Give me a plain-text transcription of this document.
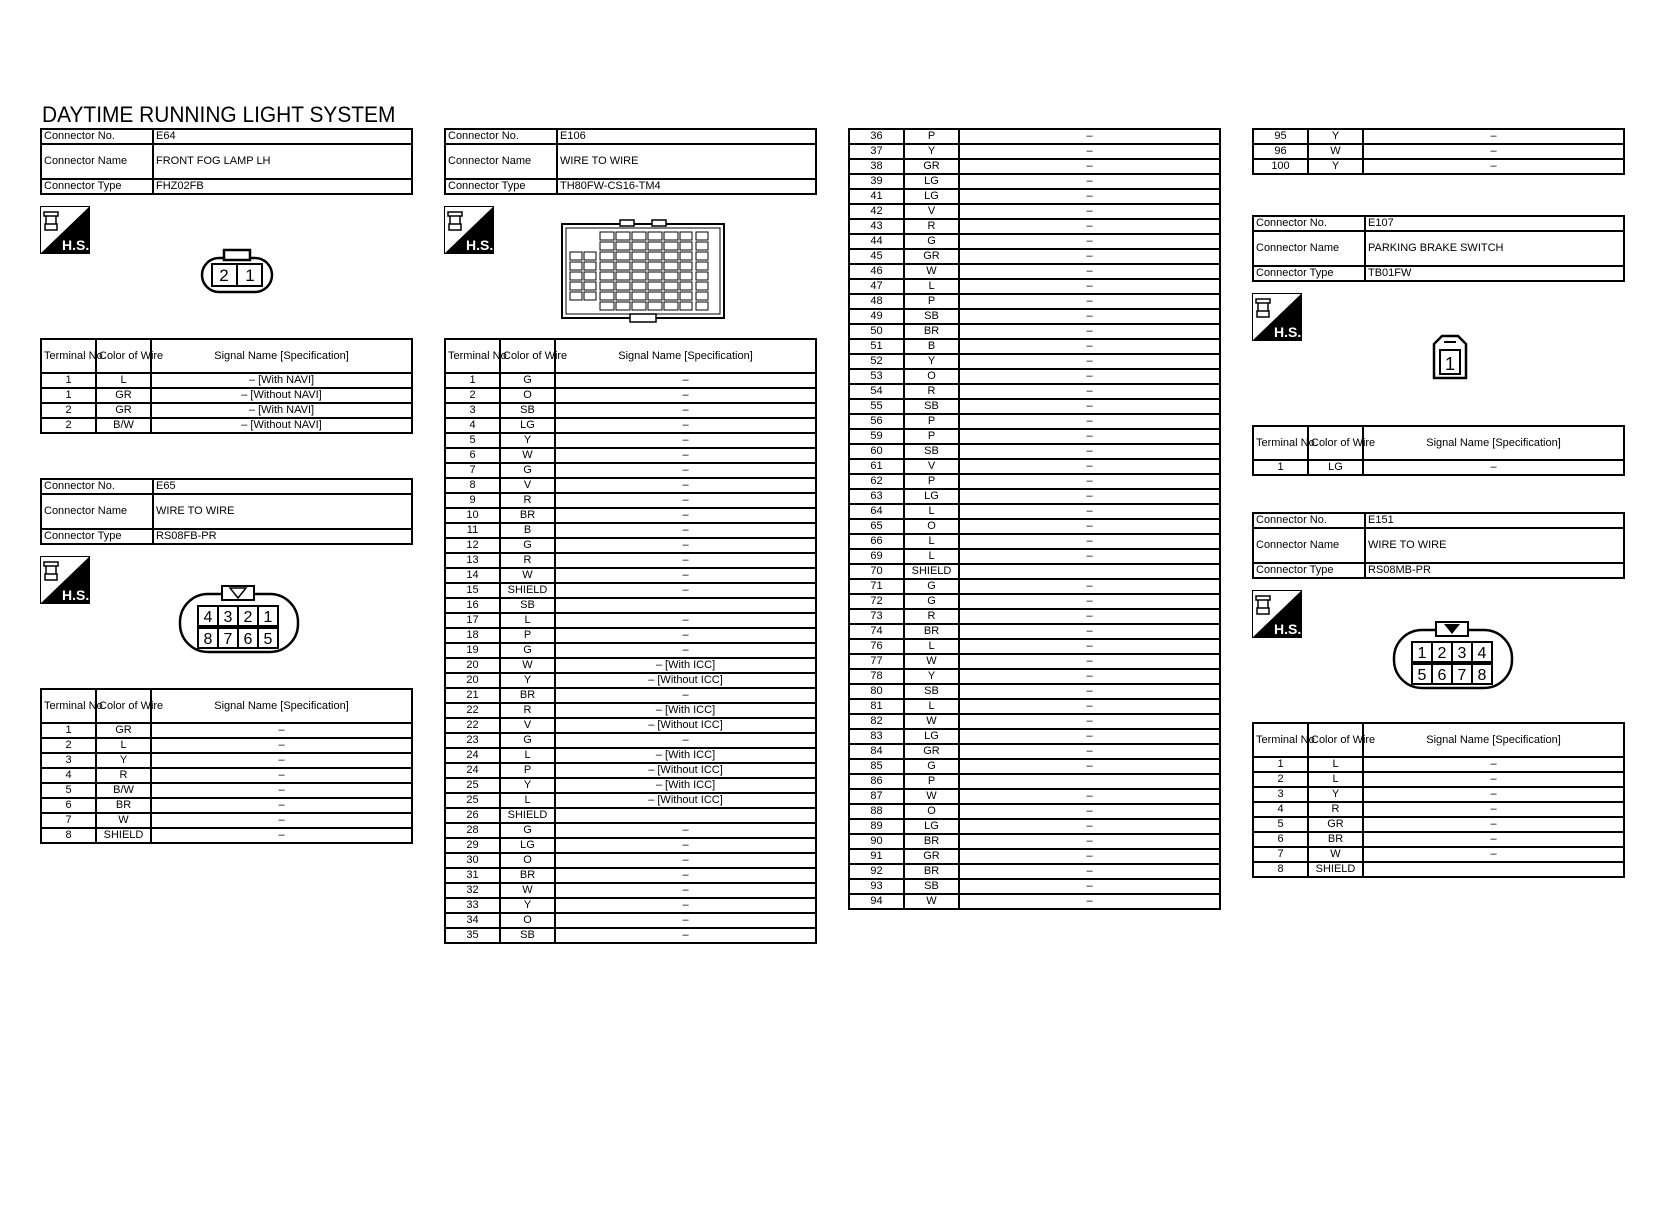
DAYTIME RUNNING LIGHT SYSTEM
Connector No.	E64
Connector Name	FRONT FOG LAMP LH
Connector Type	FHZ02FB
H.S.
2 1
Terminal No.	Color of Wire	Signal Name [Specification]
1	L	– [With NAVI]
1	GR	– [Without NAVI]
2	GR	– [With NAVI]
2	B/W	– [Without NAVI]
Connector No.	E65
Connector Name	WIRE TO WIRE
Connector Type	RS08FB-PR
H.S.
4 3 2 1
8 7 6 5
Terminal No.	Color of Wire	Signal Name [Specification]
1	GR	–
2	L	–
3	Y	–
4	R	–
5	B/W	–
6	BR	–
7	W	–
8	SHIELD	–
Connector No.	E106
Connector Name	WIRE TO WIRE
Connector Type	TH80FW-CS16-TM4
H.S.
Terminal No.	Color of Wire	Signal Name [Specification]
1	G	–
2	O	–
3	SB	–
4	LG	–
5	Y	–
6	W	–
7	G	–
8	V	–
9	R	–
10	BR	–
11	B	–
12	G	–
13	R	–
14	W	–
15	SHIELD	–
16	SB	
17	L	–
18	P	–
19	G	–
20	W	– [With ICC]
20	Y	– [Without ICC]
21	BR	–
22	R	– [With ICC]
22	V	– [Without ICC]
23	G	–
24	L	– [With ICC]
24	P	– [Without ICC]
25	Y	– [With ICC]
25	L	– [Without ICC]
26	SHIELD	
28	G	–
29	LG	–
30	O	–
31	BR	–
32	W	–
33	Y	–
34	O	–
35	SB	–
36	P	–
37	Y	–
38	GR	–
39	LG	–
41	LG	–
42	V	–
43	R	–
44	G	–
45	GR	–
46	W	–
47	L	–
48	P	–
49	SB	–
50	BR	–
51	B	–
52	Y	–
53	O	–
54	R	–
55	SB	–
56	P	–
59	P	–
60	SB	–
61	V	–
62	P	–
63	LG	–
64	L	–
65	O	–
66	L	–
69	L	–
70	SHIELD	
71	G	–
72	G	–
73	R	–
74	BR	–
76	L	–
77	W	–
78	Y	–
80	SB	–
81	L	–
82	W	–
83	LG	–
84	GR	–
85	G	–
86	P	
87	W	–
88	O	–
89	LG	–
90	BR	–
91	GR	–
92	BR	–
93	SB	–
94	W	–
95	Y	–
96	W	–
100	Y	–
Connector No.	E107
Connector Name	PARKING BRAKE SWITCH
Connector Type	TB01FW
H.S.
1
Terminal No.	Color of Wire	Signal Name [Specification]
1	LG	–
Connector No.	E151
Connector Name	WIRE TO WIRE
Connector Type	RS08MB-PR
H.S.
1 2 3 4
5 6 7 8
Terminal No.	Color of Wire	Signal Name [Specification]
1	L	–
2	L	–
3	Y	–
4	R	–
5	GR	–
6	BR	–
7	W	–
8	SHIELD	
